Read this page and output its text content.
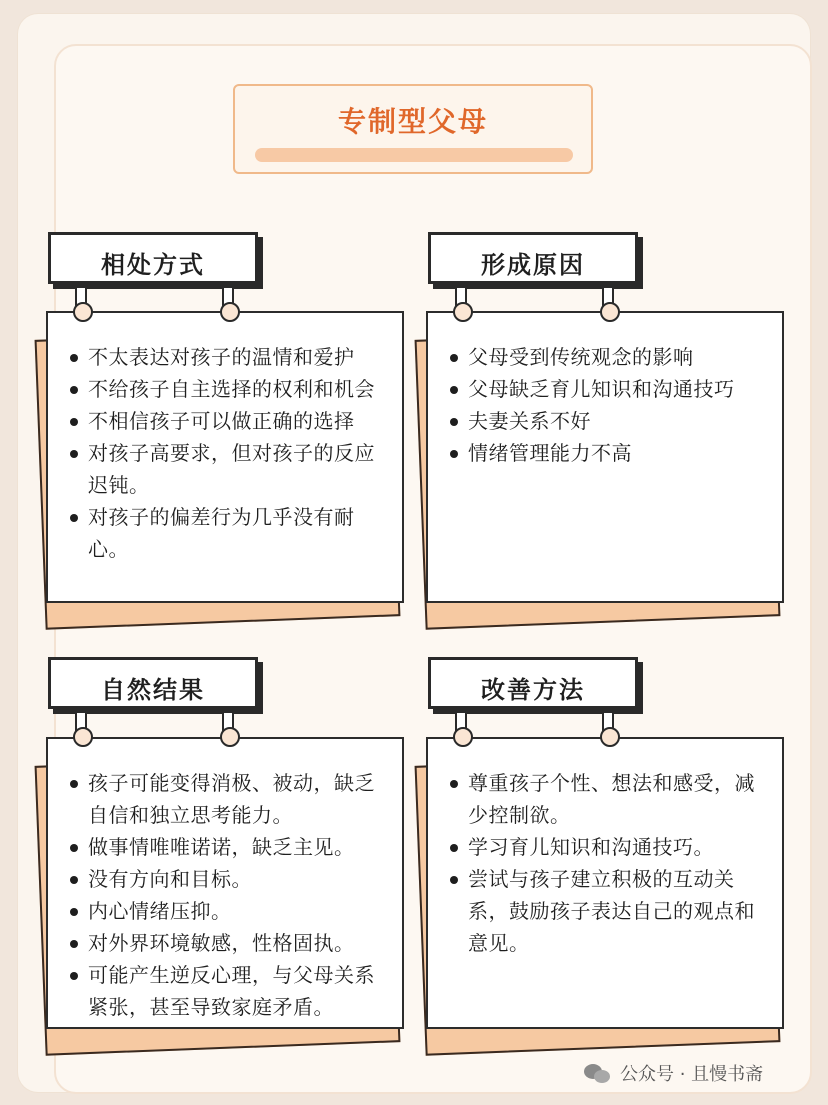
专制型父母
不太表达对孩子的温情和爱护
不给孩子自主选择的权利和机会
不相信孩子可以做正确的选择
对孩子高要求，但对孩子的反应迟钝。
对孩子的偏差行为几乎没有耐心。
相处方式
父母受到传统观念的影响
父母缺乏育儿知识和沟通技巧
夫妻关系不好
情绪管理能力不高
形成原因
孩子可能变得消极、被动，缺乏自信和独立思考能力。
做事情唯唯诺诺，缺乏主见。
没有方向和目标。
内心情绪压抑。
对外界环境敏感，性格固执。
可能产生逆反心理，与父母关系紧张，甚至导致家庭矛盾。
自然结果
尊重孩子个性、想法和感受，减少控制欲。
学习育儿知识和沟通技巧。
尝试与孩子建立积极的互动关系，鼓励孩子表达自己的观点和意见。
改善方法
公众号 · 且慢书斋
